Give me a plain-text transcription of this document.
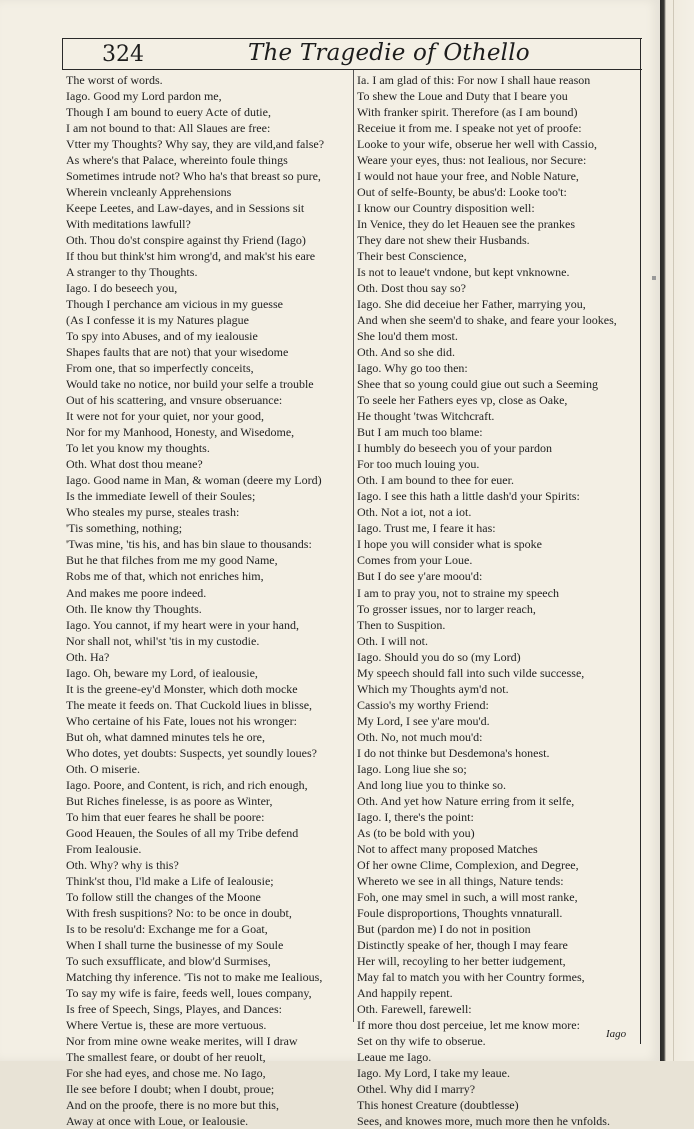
324	The Tragedie of Othello
The worst of words.
Iago. Good my Lord pardon me,
Though I am bound to euery Acte of dutie,
I am not bound to that: All Slaues are free:
Vtter my Thoughts? Why say, they are vild,and false?
As where's that Palace, whereinto foule things
Sometimes intrude not? Who ha's that breast so pure,
Wherein vncleanly Apprehensions
Keepe Leetes, and Law-dayes, and in Sessions sit
With meditations lawfull?
Oth. Thou do'st conspire against thy Friend (Iago)
If thou but think'st him wrong'd, and mak'st his eare
A stranger to thy Thoughts.
Iago. I do beseech you,
Though I perchance am vicious in my guesse
(As I confesse it is my Natures plague
To spy into Abuses, and of my iealousie
Shapes faults that are not) that your wisedome
From one, that so imperfectly conceits,
Would take no notice, nor build your selfe a trouble
Out of his scattering, and vnsure obseruance:
It were not for your quiet, nor your good,
Nor for my Manhood, Honesty, and Wisedome,
To let you know my thoughts.
Oth. What dost thou meane?
Iago. Good name in Man, & woman (deere my Lord)
Is the immediate Iewell of their Soules;
Who steales my purse, steales trash:
'Tis something, nothing;
'Twas mine, 'tis his, and has bin slaue to thousands:
But he that filches from me my good Name,
Robs me of that, which not enriches him,
And makes me poore indeed.
Oth. Ile know thy Thoughts.
Iago. You cannot, if my heart were in your hand,
Nor shall not, whil'st 'tis in my custodie.
Oth. Ha?
Iago. Oh, beware my Lord, of iealousie,
It is the greene-ey'd Monster, which doth mocke
The meate it feeds on. That Cuckold liues in blisse,
Who certaine of his Fate, loues not his wronger:
But oh, what damned minutes tels he ore,
Who dotes, yet doubts: Suspects, yet soundly loues?
Oth. O miserie.
Iago. Poore, and Content, is rich, and rich enough,
But Riches finelesse, is as poore as Winter,
To him that euer feares he shall be poore:
Good Heauen, the Soules of all my Tribe defend
From Iealousie.
Oth. Why? why is this?
Think'st thou, I'ld make a Life of Iealousie;
To follow still the changes of the Moone
With fresh suspitions? No: to be once in doubt,
Is to be resolu'd: Exchange me for a Goat,
When I shall turne the businesse of my Soule
To such exsufflicate, and blow'd Surmises,
Matching thy inference. 'Tis not to make me Iealious,
To say my wife is faire, feeds well, loues company,
Is free of Speech, Sings, Playes, and Dances:
Where Vertue is, these are more vertuous.
Nor from mine owne weake merites, will I draw
The smallest feare, or doubt of her reuolt,
For she had eyes, and chose me. No Iago,
Ile see before I doubt; when I doubt, proue;
And on the proofe, there is no more but this,
Away at once with Loue, or Iealousie.
Ia. I am glad of this: For now I shall haue reason
To shew the Loue and Duty that I beare you
With franker spirit. Therefore (as I am bound)
Receiue it from me. I speake not yet of proofe:
Looke to your wife, obserue her well with Cassio,
Weare your eyes, thus: not Iealious, nor Secure:
I would not haue your free, and Noble Nature,
Out of selfe-Bounty, be abus'd: Looke too't:
I know our Country disposition well:
In Venice, they do let Heauen see the prankes
They dare not shew their Husbands.
Their best Conscience,
Is not to leaue't vndone, but kept vnknowne.
Oth. Dost thou say so?
Iago. She did deceiue her Father, marrying you,
And when she seem'd to shake, and feare your lookes,
She lou'd them most.
Oth. And so she did.
Iago. Why go too then:
Shee that so young could giue out such a Seeming
To seele her Fathers eyes vp, close as Oake,
He thought 'twas Witchcraft.
But I am much too blame:
I humbly do beseech you of your pardon
For too much louing you.
Oth. I am bound to thee for euer.
Iago. I see this hath a little dash'd your Spirits:
Oth. Not a iot, not a iot.
Iago. Trust me, I feare it has:
I hope you will consider what is spoke
Comes from your Loue.
But I do see y'are moou'd:
I am to pray you, not to straine my speech
To grosser issues, nor to larger reach,
Then to Suspition.
Oth. I will not.
Iago. Should you do so (my Lord)
My speech should fall into such vilde successe,
Which my Thoughts aym'd not.
Cassio's my worthy Friend:
My Lord, I see y'are mou'd.
Oth. No, not much mou'd:
I do not thinke but Desdemona's honest.
Iago. Long liue she so;
And long liue you to thinke so.
Oth. And yet how Nature erring from it selfe,
Iago. I, there's the point:
As (to be bold with you)
Not to affect many proposed Matches
Of her owne Clime, Complexion, and Degree,
Whereto we see in all things, Nature tends:
Foh, one may smel in such, a will most ranke,
Foule disproportions, Thoughts vnnaturall.
But (pardon me) I do not in position
Distinctly speake of her, though I may feare
Her will, recoyling to her better iudgement,
May fal to match you with her Country formes,
And happily repent.
Oth. Farewell, farewell:
If more thou dost perceiue, let me know more:
Set on thy wife to obserue.
Leaue me Iago.
Iago. My Lord, I take my leaue.
Othel. Why did I marry?
This honest Creature (doubtlesse)
Sees, and knowes more, much more then he vnfolds.
Iago
